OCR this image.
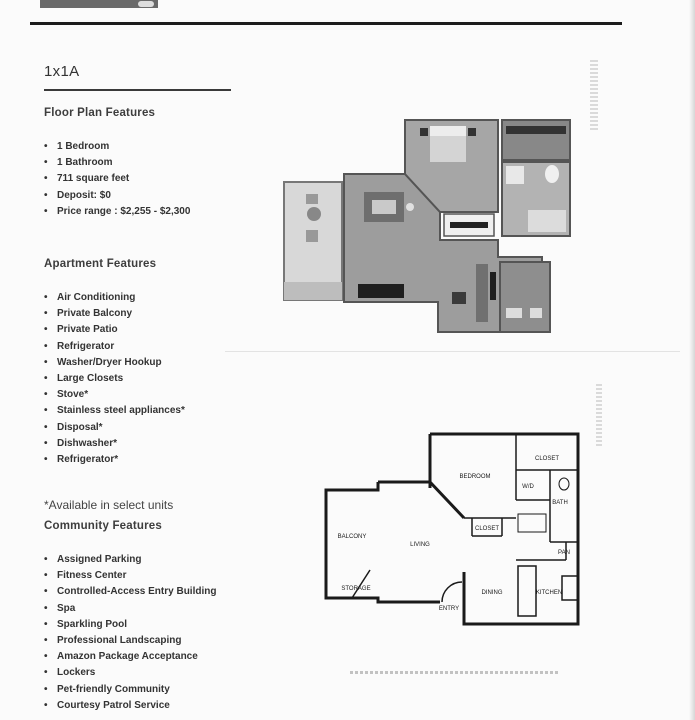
1x1A
Floor Plan Features
• 1 Bedroom
• 1 Bathroom
• 711 square feet
• Deposit: $0
• Price range : $2,255 - $2,300
Apartment Features
• Air Conditioning
• Private Balcony
• Private Patio
• Refrigerator
• Washer/Dryer Hookup
• Large Closets
• Stove*
• Stainless steel appliances*
• Disposal*
• Dishwasher*
• Refrigerator*
*Available in select units
Community Features
• Assigned Parking
• Fitness Center
• Controlled-Access Entry Building
• Spa
• Sparkling Pool
• Professional Landscaping
• Amazon Package Acceptance
• Lockers
• Pet-friendly Community
• Courtesy Patrol Service
BEDROOM
CLOSET
W/D
BATH
CLOSET
PAN
BALCONY
LIVING
STORAGE
DINING	KITCHEN
ENTRY
